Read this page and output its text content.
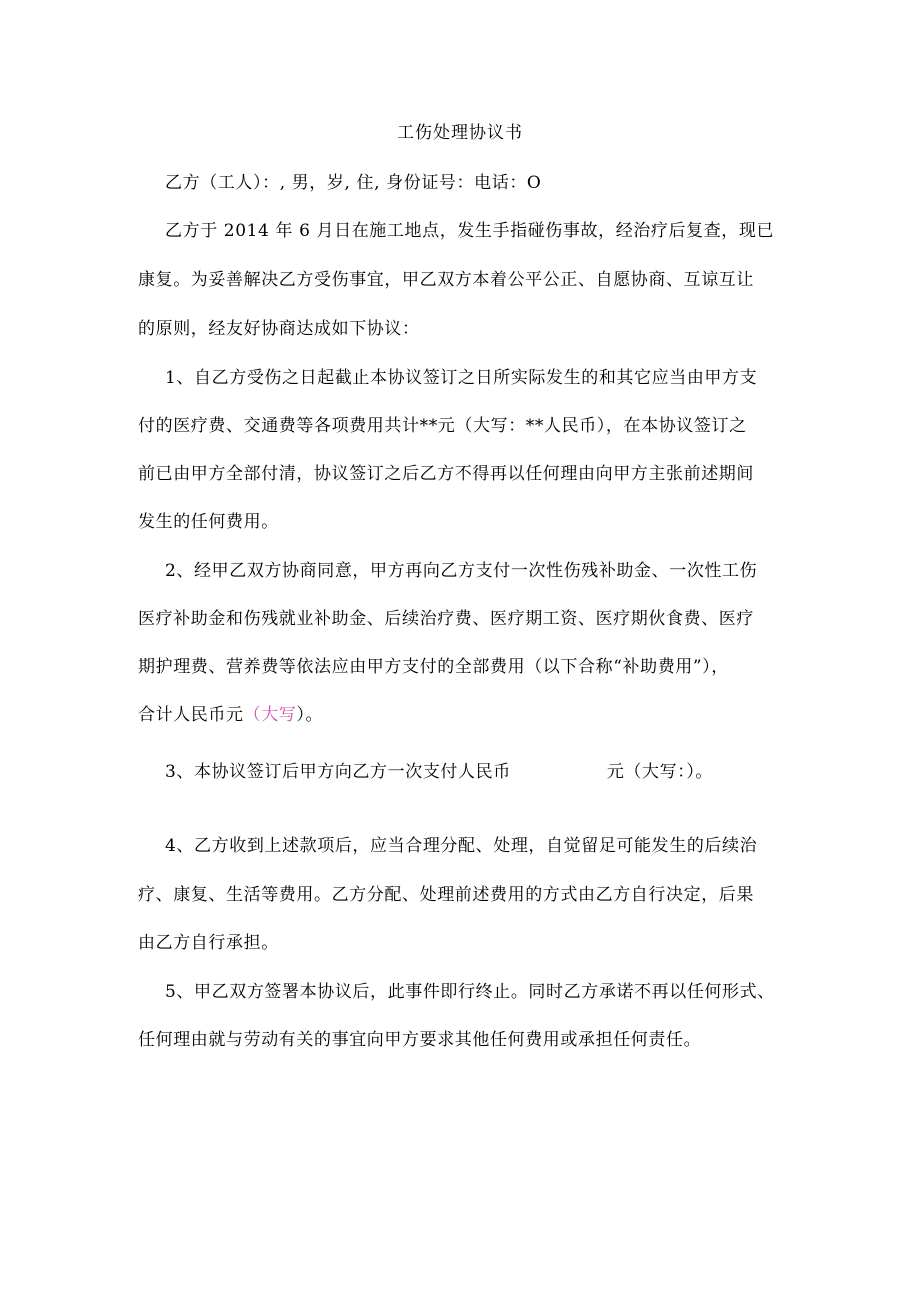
工伤处理协议书
乙方（工人）：, 男，岁, 住, 身份证号：电话：O
乙方于 2014 年 6 月日在施工地点，发生手指碰伤事故，经治疗后复查，现已
康复。为妥善解决乙方受伤事宜，甲乙双方本着公平公正、自愿协商、互谅互让
的原则，经友好协商达成如下协议：
1、自乙方受伤之日起截止本协议签订之日所实际发生的和其它应当由甲方支
付的医疗费、交通费等各项费用共计**元（大写：**人民币），在本协议签订之
前已由甲方全部付清，协议签订之后乙方不得再以任何理由向甲方主张前述期间
发生的任何费用。
2、经甲乙双方协商同意，甲方再向乙方支付一次性伤残补助金、一次性工伤
医疗补助金和伤残就业补助金、后续治疗费、医疗期工资、医疗期伙食费、医疗
期护理费、营养费等依法应由甲方支付的全部费用（以下合称“补助费用”），
合计人民币元（大写）。
3、本协议签订后甲方向乙方一次支付人民币	元（大写：）。
4、乙方收到上述款项后，应当合理分配、处理，自觉留足可能发生的后续治
疗、康复、生活等费用。乙方分配、处理前述费用的方式由乙方自行决定，后果
由乙方自行承担。
5、甲乙双方签署本协议后，此事件即行终止。同时乙方承诺不再以任何形式、
任何理由就与劳动有关的事宜向甲方要求其他任何费用或承担任何责任。
